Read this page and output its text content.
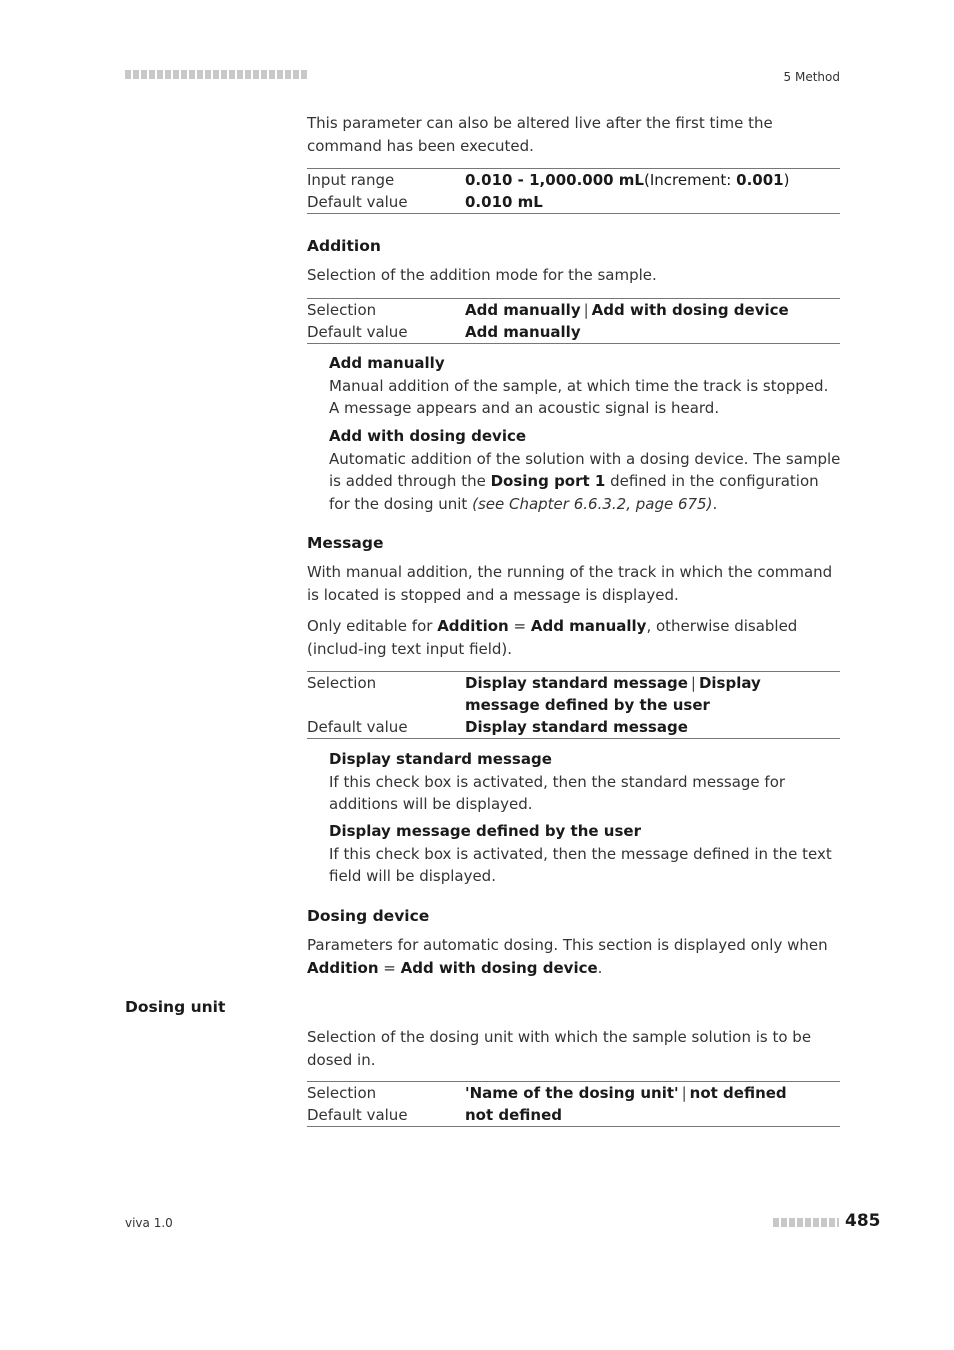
5 Method

This parameter can also be altered live after the first time the command has been executed.

Input range	0.010 - 1,000.000 mL(Increment: 0.001)
Default value	0.010 mL
Addition
Selection of the addition mode for the sample.
Selection	Add manually | Add with dosing device
Default value	Add manually
Add manually
Manual addition of the sample, at which time the track is stopped. A message appears and an acoustic signal is heard.
Add with dosing device
Automatic addition of the solution with a dosing device. The sample is added through the Dosing port 1 defined in the configuration for the dosing unit (see Chapter 6.6.3.2, page 675).
Message
With manual addition, the running of the track in which the command is located is stopped and a message is displayed.
Only editable for Addition = Add manually, otherwise disabled (includ-ing text input field).
Selection	Display standard message | Display message defined by the user
Default value	Display standard message
Display standard message
If this check box is activated, then the standard message for additions will be displayed.
Display message defined by the user
If this check box is activated, then the message defined in the text field will be displayed.
Dosing device
Parameters for automatic dosing. This section is displayed only when Addition = Add with dosing device.
Dosing unit
Selection of the dosing unit with which the sample solution is to be dosed in.
Selection	'Name of the dosing unit' | not defined
Default value	not defined
viva 1.0	485
